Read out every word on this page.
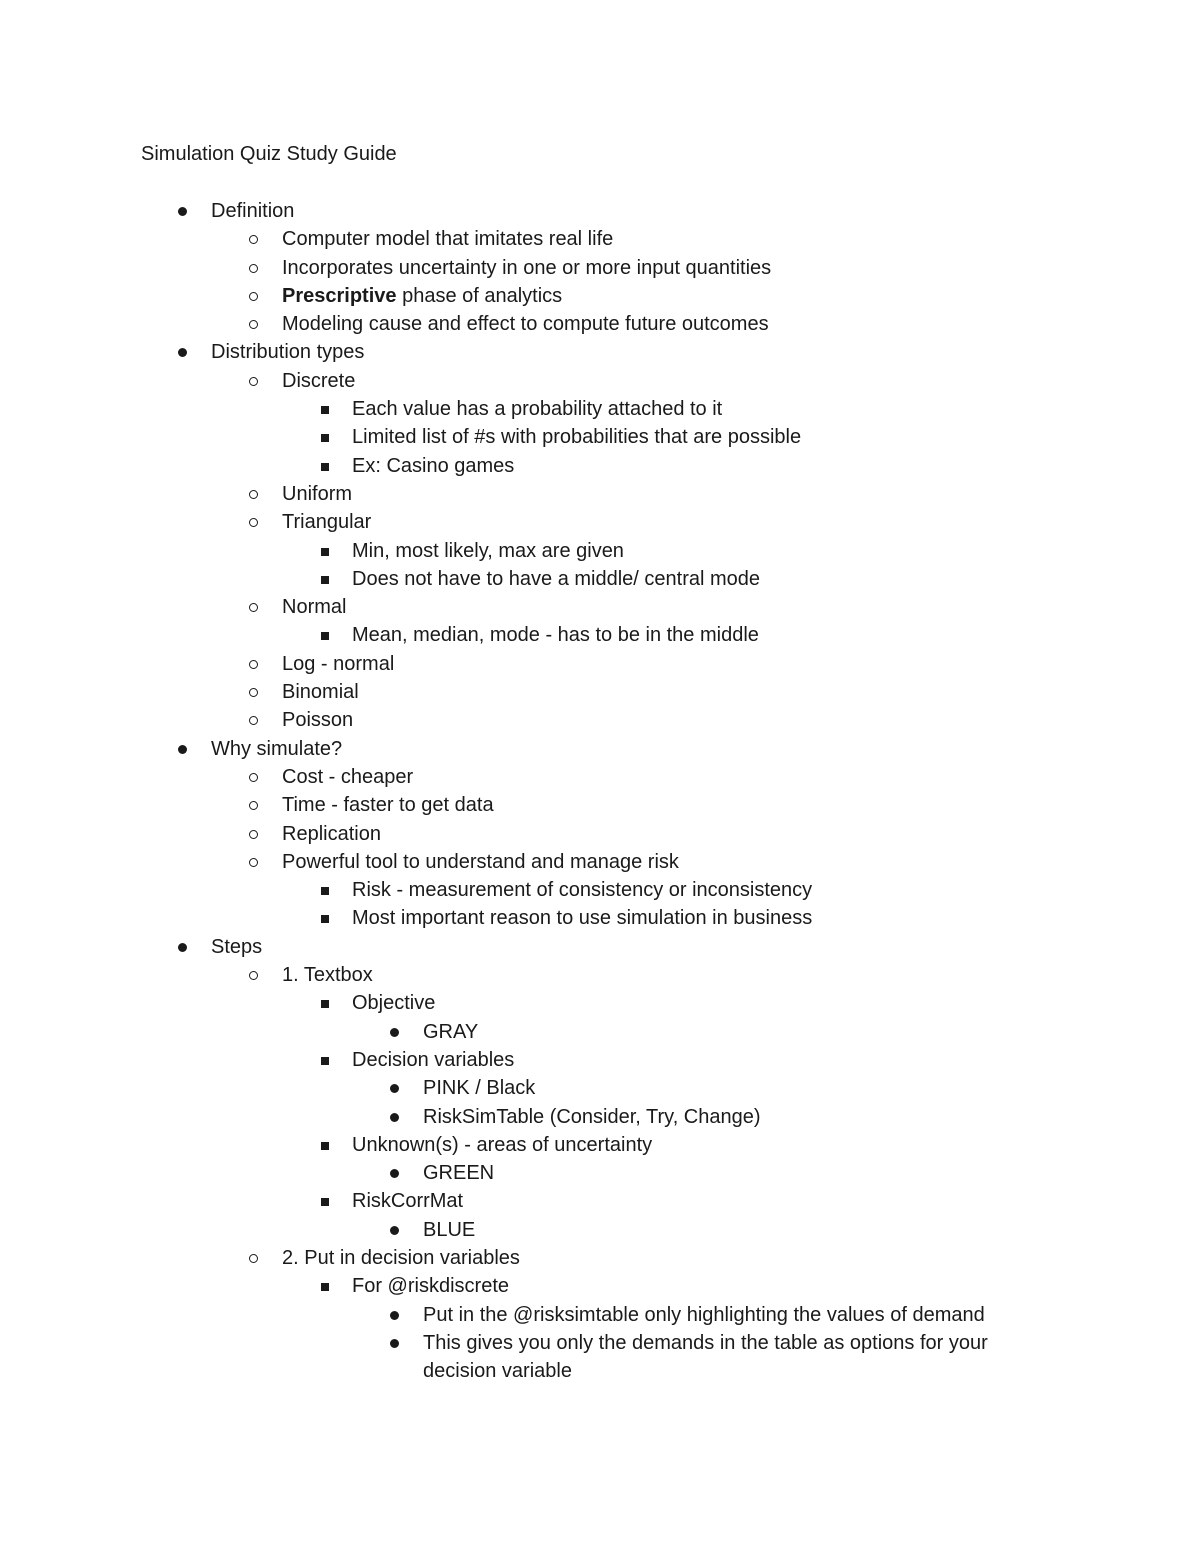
Simulation Quiz Study Guide
Definition
Computer model that imitates real life
Incorporates uncertainty in one or more input quantities
Prescriptive phase of analytics
Modeling cause and effect to compute future outcomes
Distribution types
Discrete
Each value has a probability attached to it
Limited list of #s with probabilities that are possible
Ex: Casino games
Uniform
Triangular
Min, most likely, max are given
Does not have to have a middle/ central mode
Normal
Mean, median, mode - has to be in the middle
Log - normal
Binomial
Poisson
Why simulate?
Cost - cheaper
Time - faster to get data
Replication
Powerful tool to understand and manage risk
Risk - measurement of consistency or inconsistency
Most important reason to use simulation in business
Steps
1. Textbox
Objective
GRAY
Decision variables
PINK / Black
RiskSimTable (Consider, Try, Change)
Unknown(s) - areas of uncertainty
GREEN
RiskCorrMat
BLUE
2. Put in decision variables
For @riskdiscrete
Put in the @risksimtable only highlighting the values of demand
This gives you only the demands in the table as options for your
decision variable
